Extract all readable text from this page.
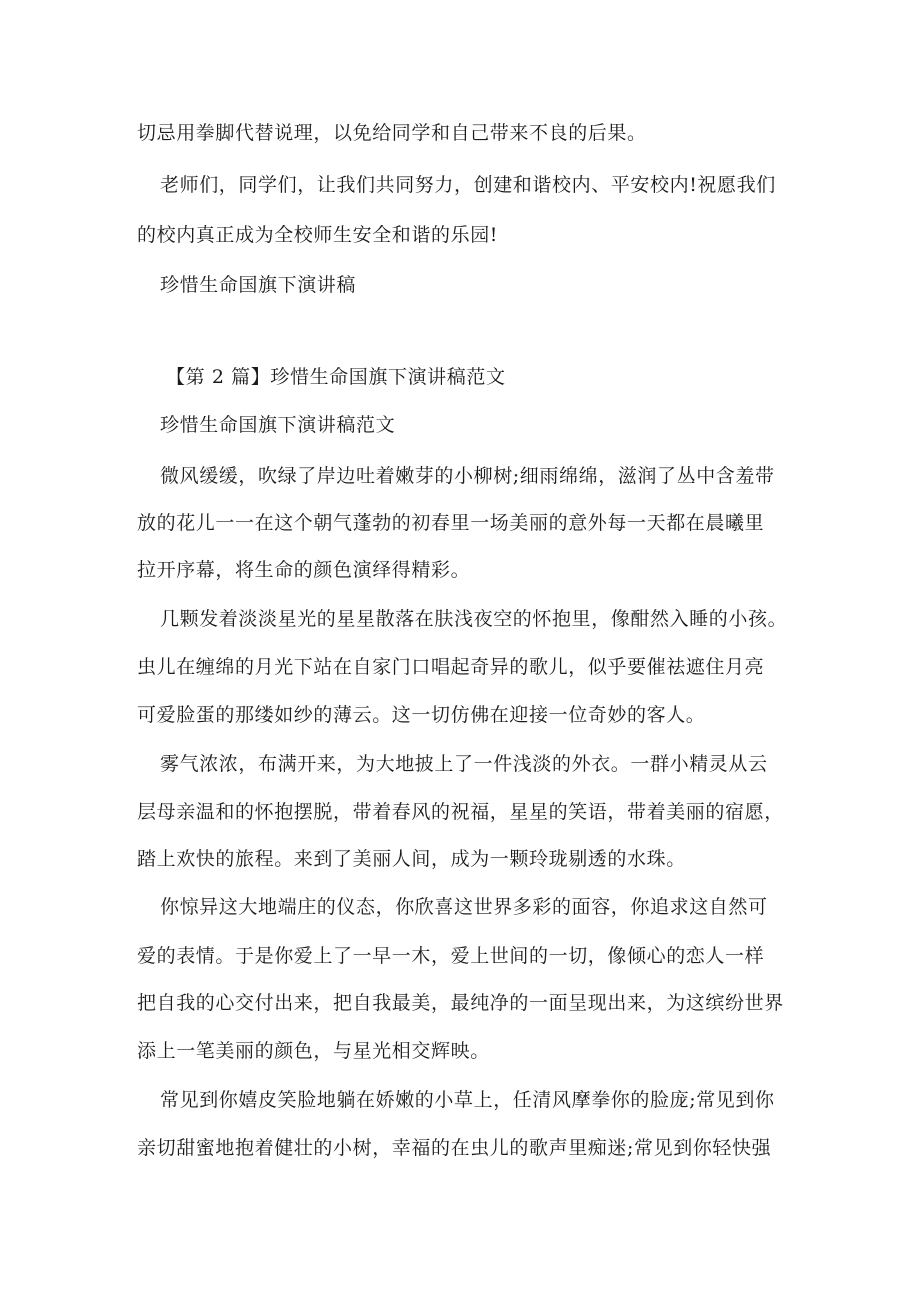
切忌用拳脚代替说理，以免给同学和自己带来不良的后果。
老师们，同学们，让我们共同努力，创建和谐校内、平安校内!祝愿我们
的校内真正成为全校师生安全和谐的乐园!
珍惜生命国旗下演讲稿
【第 2 篇】珍惜生命国旗下演讲稿范文
珍惜生命国旗下演讲稿范文
微风缓缓，吹绿了岸边吐着嫩芽的小柳树;细雨绵绵，滋润了丛中含羞带
放的花儿一一在这个朝气蓬勃的初春里一场美丽的意外每一天都在晨曦里
拉开序幕，将生命的颜色演绎得精彩。
几颗发着淡淡星光的星星散落在肤浅夜空的怀抱里，像酣然入睡的小孩。
虫儿在缠绵的月光下站在自家门口唱起奇异的歌儿，似乎要催祛遮住月亮
可爱脸蛋的那缕如纱的薄云。这一切仿佛在迎接一位奇妙的客人。
雾气浓浓，布满开来，为大地披上了一件浅淡的外衣。一群小精灵从云
层母亲温和的怀抱摆脱，带着春风的祝福，星星的笑语，带着美丽的宿愿，
踏上欢快的旅程。来到了美丽人间，成为一颗玲珑剔透的水珠。
你惊异这大地端庄的仪态，你欣喜这世界多彩的面容，你追求这自然可
爱的表情。于是你爱上了一早一木，爱上世间的一切，像倾心的恋人一样
把自我的心交付出来，把自我最美，最纯净的一面呈现出来，为这缤纷世界
添上一笔美丽的颜色，与星光相交辉映。
常见到你嬉皮笑脸地躺在娇嫩的小草上，任清风摩拳你的脸庞;常见到你
亲切甜蜜地抱着健壮的小树，幸福的在虫儿的歌声里痴迷;常见到你轻快强
